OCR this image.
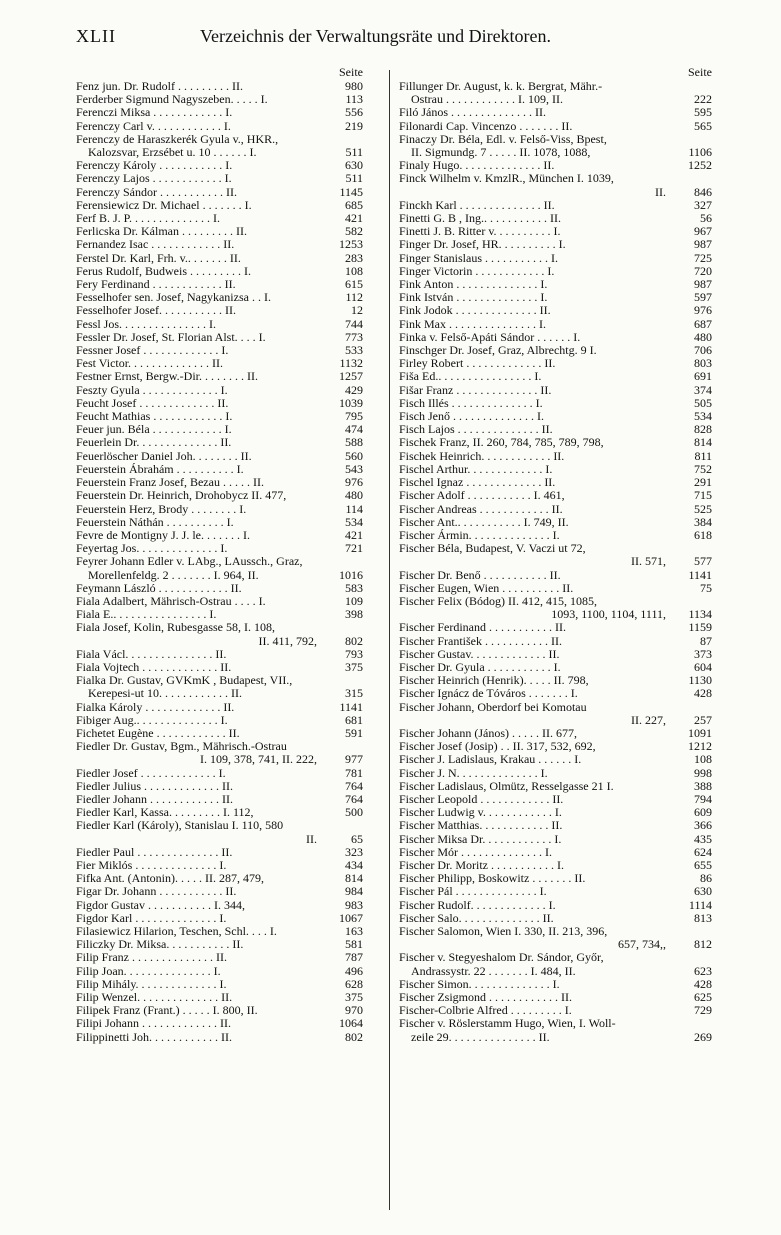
XLII	Verzeichnis der Verwaltungsräte und Direktoren.
Seite
Fenz jun. Dr. Rudolf . . . . . . . . . II.	980
Ferderber Sigmund Nagyszeben. . . . . I.	113
Ferenczi Miksa . . . . . . . . . . . . I.	556
Ferenczy Carl v. . . . . . . . . . . . I.	219
Ferenczy de Haraszkerék Gyula v., HKR.,
Kalozsvar, Erzsébet u. 10 . . . . . . I.	511
Ferenczy Károly . . . . . . . . . . . I.	630
Ferenczy Lajos . . . . . . . . . . . . I.	511
Ferenczy Sándor . . . . . . . . . . . II.	1145
Ferensiewicz Dr. Michael . . . . . . . I.	685
Ferf B. J. P. . . . . . . . . . . . . . I.	421
Ferlicska Dr. Kálman . . . . . . . . . II.	582
Fernandez Isac . . . . . . . . . . . . II.	1253
Ferstel Dr. Karl, Frh. v.. . . . . . . II.	283
Ferus Rudolf, Budweis . . . . . . . . . I.	108
Fery Ferdinand . . . . . . . . . . . . II.	615
Fesselhofer sen. Josef, Nagykanizsa . . I.	112
Fesselhofer Josef. . . . . . . . . . . II.	12
Fessl Jos. . . . . . . . . . . . . . . I.	744
Fessler Dr. Josef, St. Florian Alst. . . . I.	773
Fessner Josef . . . . . . . . . . . . . I.	533
Fest Victor. . . . . . . . . . . . . . II.	1132
Festner Ernst, Bergw.-Dir. . . . . . . . II.	1257
Feszty Gyula . . . . . . . . . . . . . I.	429
Feucht Josef . . . . . . . . . . . . . II.	1039
Feucht Mathias . . . . . . . . . . . . I.	795
Feuer jun. Béla . . . . . . . . . . . . I.	474
Feuerlein Dr. . . . . . . . . . . . . . II.	588
Feuerlöscher Daniel Joh. . . . . . . . II.	560
Feuerstein Ábrahám . . . . . . . . . . I.	543
Feuerstein Franz Josef, Bezau . . . . . II.	976
Feuerstein Dr. Heinrich, Drohobycz II. 477,	480
Feuerstein Herz, Brody . . . . . . . . I.	114
Feuerstein Náthán . . . . . . . . . . I.	534
Fevre de Montigny J. J. le. . . . . . . I.	421
Feyertag Jos. . . . . . . . . . . . . . I.	721
Feyrer Johann Edler v. LAbg., LAussch., Graz,
Morellenfeldg. 2 . . . . . . . I. 964, II.	1016
Feymann László . . . . . . . . . . . . II.	583
Fiala Adalbert, Mährisch-Ostrau . . . . I.	109
Fiala E.. . . . . . . . . . . . . . . . I.	398
Fiala Josef, Kolin, Rubesgasse 58, I. 108,
II. 411, 792,	802
Fiala Václ. . . . . . . . . . . . . . . II.	793
Fiala Vojtech . . . . . . . . . . . . . II.	375
Fialka Dr. Gustav, GVKmK , Budapest, VII.,
Kerepesi-ut 10. . . . . . . . . . . . II.	315
Fialka Károly . . . . . . . . . . . . . II.	1141
Fibiger Aug.. . . . . . . . . . . . . . I.	681
Fichetet Eugène . . . . . . . . . . . . II.	591
Fiedler Dr. Gustav, Bgm., Mährisch.-Ostrau
I. 109, 378, 741, II. 222,	977
Fiedler Josef . . . . . . . . . . . . . I.	781
Fiedler Julius . . . . . . . . . . . . . II.	764
Fiedler Johann . . . . . . . . . . . . II.	764
Fiedler Karl, Kassa. . . . . . . . . I. 112,	500
Fiedler Karl (Károly), Stanislau I. 110, 580
II.	65
Fiedler Paul . . . . . . . . . . . . . . II.	323
Fier Miklós . . . . . . . . . . . . . . I.	434
Fifka Ant. (Antonin). . . . . II. 287, 479,	814
Figar Dr. Johann . . . . . . . . . . . II.	984
Figdor Gustav . . . . . . . . . . . I. 344,	983
Figdor Karl . . . . . . . . . . . . . . I.	1067
Filasiewicz Hilarion, Teschen, Schl. . . . I.	163
Filiczky Dr. Miksa. . . . . . . . . . . II.	581
Filip Franz . . . . . . . . . . . . . . II.	787
Filip Joan. . . . . . . . . . . . . . . I.	496
Filip Mihály. . . . . . . . . . . . . . I.	628
Filip Wenzel. . . . . . . . . . . . . . II.	375
Filipek Franz (Frant.) . . . . . I. 800, II.	970
Filipi Johann . . . . . . . . . . . . . II.	1064
Filippinetti Joh. . . . . . . . . . . . II.	802
Seite
Fillunger Dr. August, k. k. Bergrat, Mähr.-
Ostrau . . . . . . . . . . . . I. 109, II.	222
Filó János . . . . . . . . . . . . . . II.	595
Filonardi Cap. Vincenzo . . . . . . . II.	565
Finaczy Dr. Béla, Edl. v. Felső-Viss, Bpest,
II. Sigmundg. 7 . . . . . II. 1078, 1088,	1106
Finaly Hugo. . . . . . . . . . . . . . II.	1252
Finck Wilhelm v. KmzlR., München I. 1039,
II.	846
Finckh Karl . . . . . . . . . . . . . . II.	327
Finetti G. B , Ing.. . . . . . . . . . . II.	56
Finetti J. B. Ritter v. . . . . . . . . . I.	967
Finger Dr. Josef, HR. . . . . . . . . . I.	987
Finger Stanislaus . . . . . . . . . . . I.	725
Finger Victorin . . . . . . . . . . . . I.	720
Fink Anton . . . . . . . . . . . . . . I.	987
Fink István . . . . . . . . . . . . . . I.	597
Fink Jodok . . . . . . . . . . . . . . II.	976
Fink Max . . . . . . . . . . . . . . . I.	687
Finka v. Felső-Apáti Sándor . . . . . . I.	480
Finschger Dr. Josef, Graz, Albrechtg. 9 I.	706
Firley Robert . . . . . . . . . . . . . II.	803
Fiša Ed.. . . . . . . . . . . . . . . . I.	691
Fišar Franz . . . . . . . . . . . . . . II.	374
Fisch Illés . . . . . . . . . . . . . . I.	505
Fisch Jenő . . . . . . . . . . . . . . I.	534
Fisch Lajos . . . . . . . . . . . . . . II.	828
Fischek Franz, II. 260, 784, 785, 789, 798,	814
Fischek Heinrich. . . . . . . . . . . . II.	811
Fischel Arthur. . . . . . . . . . . . . I.	752
Fischel Ignaz . . . . . . . . . . . . . II.	291
Fischer Adolf . . . . . . . . . . . I. 461,	715
Fischer Andreas . . . . . . . . . . . . II.	525
Fischer Ant.. . . . . . . . . . . I. 749, II.	384
Fischer Ármin. . . . . . . . . . . . . . I.	618
Fischer Béla, Budapest, V. Vaczi ut 72,
II. 571,	577
Fischer Dr. Benő . . . . . . . . . . . II.	1141
Fischer Eugen, Wien . . . . . . . . . . II.	75
Fischer Felix (Bódog) II. 412, 415, 1085,
1093, 1100, 1104, 1111,	1134
Fischer Ferdinand . . . . . . . . . . . II.	1159
Fischer František . . . . . . . . . . . II.	87
Fischer Gustav. . . . . . . . . . . . . II.	373
Fischer Dr. Gyula . . . . . . . . . . . I.	604
Fischer Heinrich (Henrik). . . . . II. 798,	1130
Fischer Ignácz de Tóváros . . . . . . . I.	428
Fischer Johann, Oberdorf bei Komotau
II. 227,	257
Fischer Johann (János) . . . . . II. 677,	1091
Fischer Josef (Josip) . . II. 317, 532, 692,	1212
Fischer J. Ladislaus, Krakau . . . . . . I.	108
Fischer J. N. . . . . . . . . . . . . . I.	998
Fischer Ladislaus, Olmütz, Resselgasse 21 I.	388
Fischer Leopold . . . . . . . . . . . . II.	794
Fischer Ludwig v. . . . . . . . . . . . I.	609
Fischer Matthias. . . . . . . . . . . . II.	366
Fischer Miksa Dr. . . . . . . . . . . . I.	435
Fischer Mór . . . . . . . . . . . . . . I.	624
Fischer Dr. Moritz . . . . . . . . . . . I.	655
Fischer Philipp, Boskowitz . . . . . . . II.	86
Fischer Pál . . . . . . . . . . . . . . I.	630
Fischer Rudolf. . . . . . . . . . . . . I.	1114
Fischer Salo. . . . . . . . . . . . . . II.	813
Fischer Salomon, Wien I. 330, II. 213, 396,
657, 734,,	812
Fischer v. Stegyeshalom Dr. Sándor, Győr,
Andrassystr. 22 . . . . . . . I. 484, II.	623
Fischer Simon. . . . . . . . . . . . . . I.	428
Fischer Zsigmond . . . . . . . . . . . . II.	625
Fischer-Colbrie Alfred . . . . . . . . . I.	729
Fischer v. Röslerstamm Hugo, Wien, I. Woll-
zeile 29. . . . . . . . . . . . . . . II.	269
